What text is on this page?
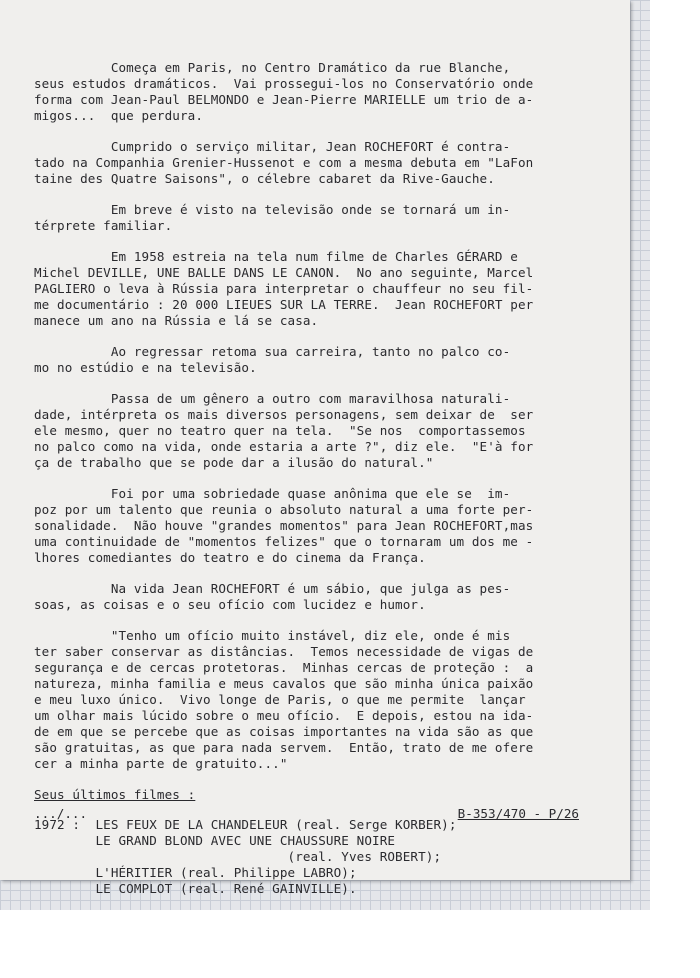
Começa em Paris, no Centro Dramático da rue Blanche,
seus estudos dramáticos.  Vai prossegui-los no Conservatório onde
forma com Jean-Paul BELMONDO e Jean-Pierre MARIELLE um trio de a-
migos...  que perdura.
Cumprido o serviço militar, Jean ROCHEFORT é contra-
tado na Companhia Grenier-Hussenot e com a mesma debuta em "LaFon
taine des Quatre Saisons", o célebre cabaret da Rive-Gauche.
Em breve é visto na televisão onde se tornará um in-
térprete familiar.
Em 1958 estreia na tela num filme de Charles GÉRARD e
Michel DEVILLE, UNE BALLE DANS LE CANON.  No ano seguinte, Marcel
PAGLIERO o leva à Rússia para interpretar o chauffeur no seu fil-
me documentário : 20 000 LIEUES SUR LA TERRE.  Jean ROCHEFORT per
manece um ano na Rússia e lá se casa.
Ao regressar retoma sua carreira, tanto no palco co-
mo no estúdio e na televisão.
Passa de um gênero a outro com maravilhosa naturali-
dade, intérpreta os mais diversos personagens, sem deixar de  ser
ele mesmo, quer no teatro quer na tela.  "Se nos  comportassemos
no palco como na vida, onde estaria a arte ?", diz ele.  "E'à for
ça de trabalho que se pode dar a ilusão do natural."
Foi por uma sobriedade quase anônima que ele se  im-
poz por um talento que reunia o absoluto natural a uma forte per-
sonalidade.  Não houve "grandes momentos" para Jean ROCHEFORT,mas
uma continuidade de "momentos felizes" que o tornaram um dos me -
lhores comediantes do teatro e do cinema da França.
Na vida Jean ROCHEFORT é um sábio, que julga as pes-
soas, as coisas e o seu ofício com lucidez e humor.
"Tenho um ofício muito instável, diz ele, onde é mis
ter saber conservar as distâncias.  Temos necessidade de vigas de
segurança e de cercas protetoras.  Minhas cercas de proteção :  a
natureza, minha familia e meus cavalos que são minha única paixão
e meu luxo único.  Vivo longe de Paris, o que me permite  lançar
um olhar mais lúcido sobre o meu ofício.  E depois, estou na ida-
de em que se percebe que as coisas importantes na vida são as que
são gratuitas, as que para nada servem.  Então, trato de me ofere
cer a minha parte de gratuito..."
Seus últimos filmes :
1972 :  LES FEUX DE LA CHANDELEUR (real. Serge KORBER);
LE GRAND BLOND AVEC UNE CHAUSSURE NOIRE
(real. Yves ROBERT);
L'HÉRITIER (real. Philippe LABRO);
LE COMPLOT (real. René GAINVILLE).
.../...	B-353/470 - P/26
